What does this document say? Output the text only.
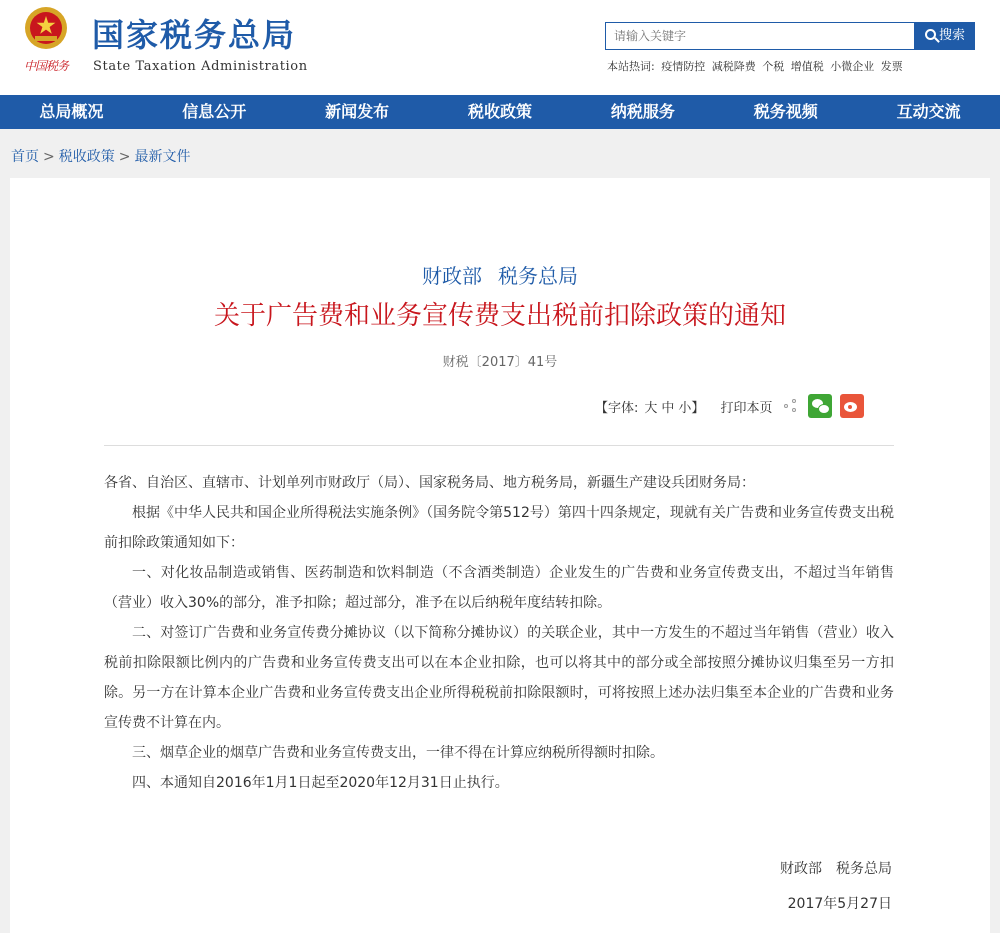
中国税务
国家税务总局
State Taxation Administration
请输入关键字
搜索
本站热词: 疫情防控 减税降费 个税 增值税 小微企业 发票
总局概况	信息公开	新闻发布	税收政策	纳税服务	税务视频	互动交流
首页 > 税收政策 > 最新文件
财政部 税务总局
关于广告费和业务宣传费支出税前扣除政策的通知
财税〔2017〕41号
【字体: 大 中 小】 打印本页

各省、自治区、直辖市、计划单列市财政厅（局）、国家税务局、地方税务局，新疆生产建设兵团财务局：

根据《中华人民共和国企业所得税法实施条例》（国务院令第512号）第四十四条规定，现就有关广告费和业务宣传费支出税前扣除政策通知如下：

一、对化妆品制造或销售、医药制造和饮料制造（不含酒类制造）企业发生的广告费和业务宣传费支出，不超过当年销售（营业）收入30%的部分，准予扣除；超过部分，准予在以后纳税年度结转扣除。

二、对签订广告费和业务宣传费分摊协议（以下简称分摊协议）的关联企业，其中一方发生的不超过当年销售（营业）收入税前扣除限额比例内的广告费和业务宣传费支出可以在本企业扣除，也可以将其中的部分或全部按照分摊协议归集至另一方扣除。另一方在计算本企业广告费和业务宣传费支出企业所得税税前扣除限额时，可将按照上述办法归集至本企业的广告费和业务宣传费不计算在内。

三、烟草企业的烟草广告费和业务宣传费支出，一律不得在计算应纳税所得额时扣除。

四、本通知自2016年1月1日起至2020年12月31日止执行。

财政部　税务总局
2017年5月27日
